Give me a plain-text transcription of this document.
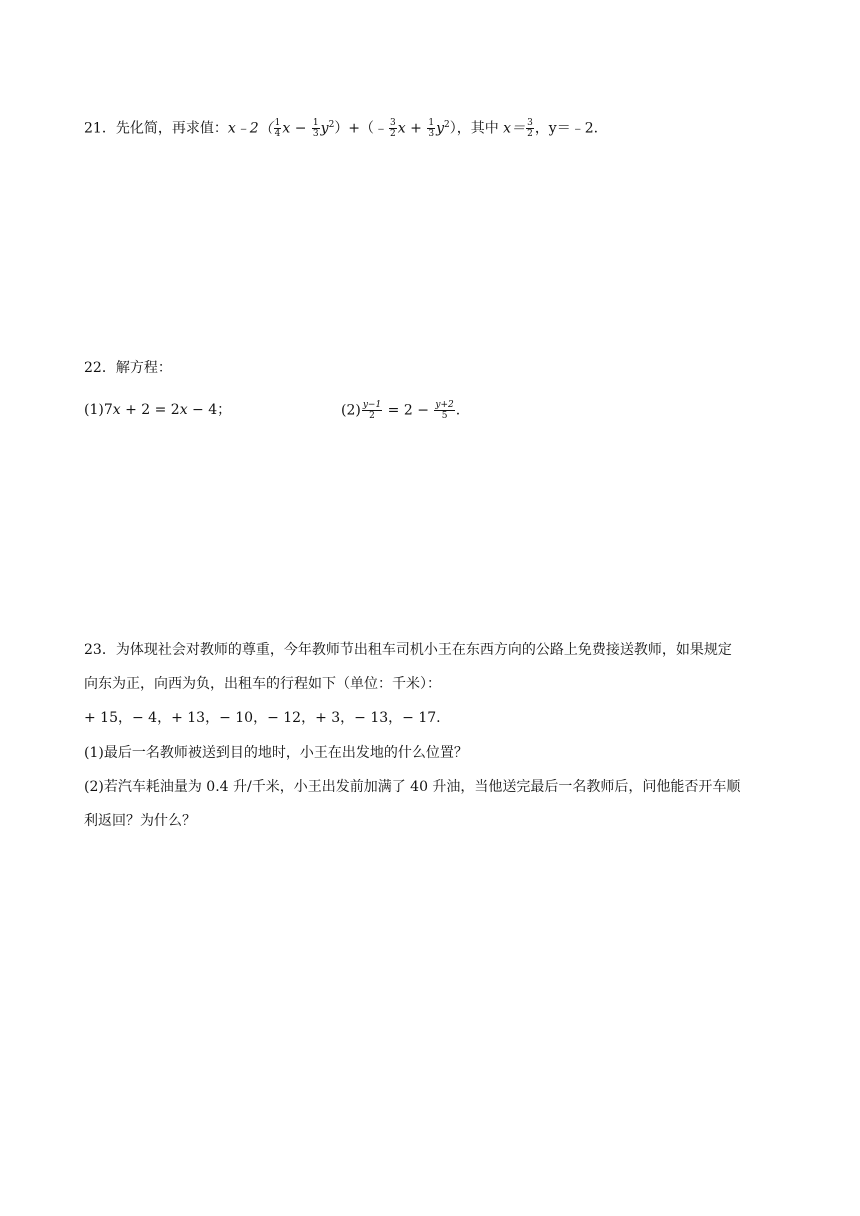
21．先化简，再求值：x﹣2（ $\frac{1}{4}$ $x - \frac{1}{3}$ $y^2)+(﹣ \frac{3}{2}$ $x + \frac{1}{3} y^2$），其中 $x= \frac{3}{2}$ ，y＝﹣2.
22．解方程：
(1)7𝑥 + 2 = 2𝑥 − 4；	$(2) \frac{y-1}{2} = 2 - \frac{y+2}{5}$ .
23．为体现社会对教师的尊重，今年教师节出租车司机小王在东西方向的公路上免费接送教师，如果规定
向东为正，向西为负，出租车的行程如下（单位：千米）：
+ 15，− 4，+ 13，− 10，− 12，+ 3，− 13，− 17.
(1)最后一名教师被送到目的地时，小王在出发地的什么位置？
(2)若汽车耗油量为 0.4 升/千米，小王出发前加满了 40 升油，当他送完最后一名教师后，问他能否开车顺
利返回？为什么？
